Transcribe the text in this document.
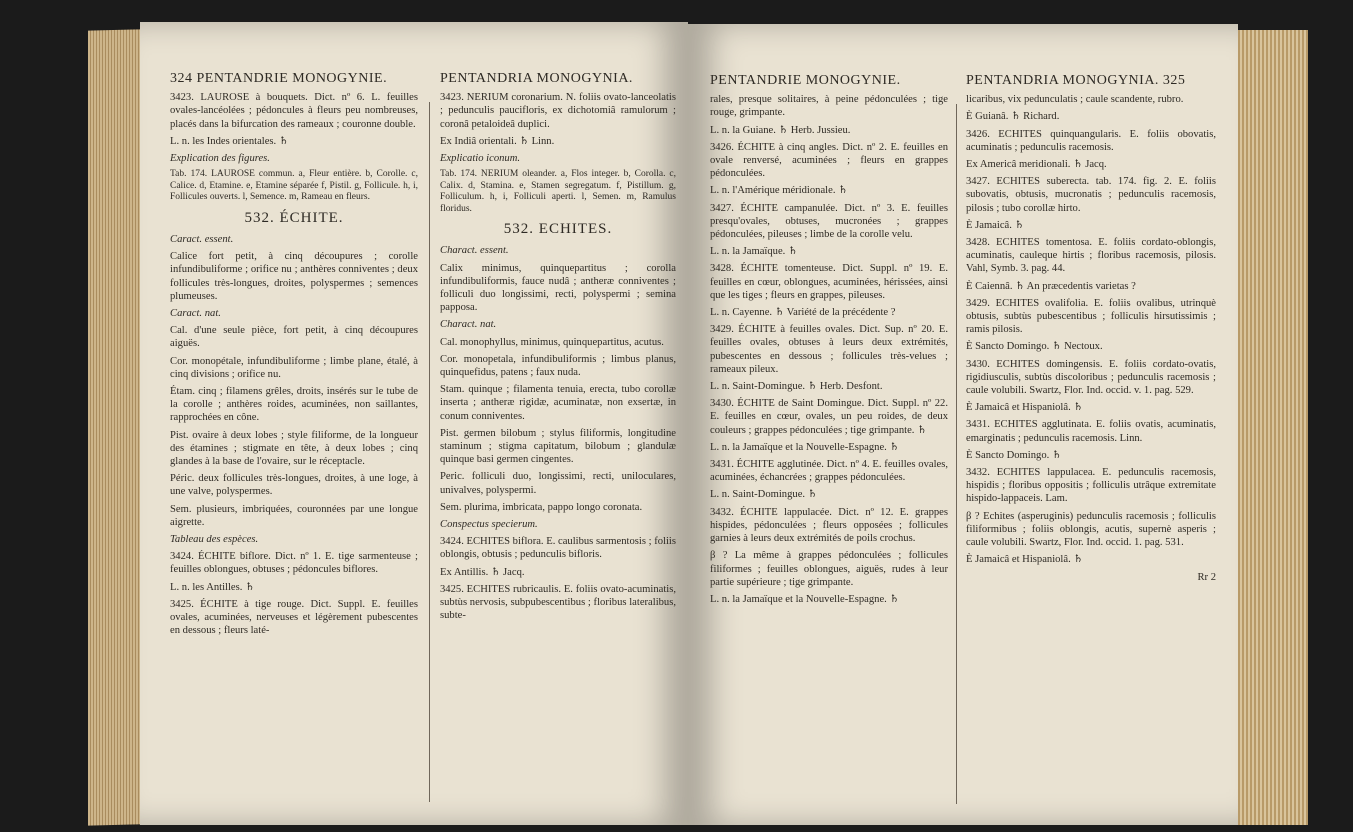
324 PENTANDRIE MONOGYNIE.

3423. LAUROSE à bouquets. Dict. nº 6. L. feuilles ovales-lancéolées ; pédoncules à fleurs peu nombreuses, placés dans la bifurcation des rameaux ; couronne double.

L. n. les Indes orientales. ♄

Explication des figures.

Tab. 174. LAUROSE commun. a, Fleur entière. b, Corolle. c, Calice. d, Etamine. e, Etamine séparée f, Pistil. g, Follicule. h, i, Follicules ouverts. l, Semence. m, Rameau en fleurs.

532. ÉCHITE.

Caract. essent.

Calice fort petit, à cinq découpures ; corolle infundibuliforme ; orifice nu ; anthères conniventes ; deux follicules très-longues, droites, polyspermes ; semences plumeuses.

Caract. nat.

Cal. d'une seule pièce, fort petit, à cinq découpures aiguës.

Cor. monopétale, infundibuliforme ; limbe plane, étalé, à cinq divisions ; orifice nu.

Étam. cinq ; filamens grêles, droits, insérés sur le tube de la corolle ; anthères roides, acuminées, non saillantes, rapprochées en cône.

Pist. ovaire à deux lobes ; style filiforme, de la longueur des étamines ; stigmate en tête, à deux lobes ; cinq glandes à la base de l'ovaire, sur le réceptacle.

Péric. deux follicules très-longues, droites, à une loge, à une valve, polyspermes.

Sem. plusieurs, imbriquées, couronnées par une longue aigrette.

Tableau des espèces.

3424. ÉCHITE biflore. Dict. nº 1. E. tige sarmenteuse ; feuilles oblongues, obtuses ; pédoncules biflores.

L. n. les Antilles. ♄

3425. ÉCHITE à tige rouge. Dict. Suppl. E. feuilles ovales, acuminées, nerveuses et légèrement pubescentes en dessous ; fleurs laté-

PENTANDRIA MONOGYNIA.

3423. NERIUM coronarium. N. foliis ovato-lanceolatis ; pedunculis paucifloris, ex dichotomiâ ramulorum ; coronâ petaloideâ duplici.

Ex Indiâ orientali. ♄ Linn.

Explicatio iconum.

Tab. 174. NERIUM oleander. a, Flos integer. b, Corolla. c, Calix. d, Stamina. e, Stamen segregatum. f, Pistillum. g, Folliculum. h, i, Folliculi aperti. l, Semen. m, Ramulus floridus.

532. ECHITES.

Charact. essent.

Calix minimus, quinquepartitus ; corolla infundibuliformis, fauce nudâ ; antheræ conniventes ; folliculi duo longissimi, recti, polyspermi ; semina papposa.

Charact. nat.

Cal. monophyllus, minimus, quinquepartitus, acutus.

Cor. monopetala, infundibuliformis ; limbus planus, quinquefidus, patens ; faux nuda.

Stam. quinque ; filamenta tenuia, erecta, tubo corollæ inserta ; antheræ rigidæ, acuminatæ, non exsertæ, in conum conniventes.

Pist. germen bilobum ; stylus filiformis, longitudine staminum ; stigma capitatum, bilobum ; glandulæ quinque basi germen cingentes.

Peric. folliculi duo, longissimi, recti, uniloculares, univalves, polyspermi.

Sem. plurima, imbricata, pappo longo coronata.

Conspectus specierum.

3424. ECHITES biflora. E. caulibus sarmentosis ; foliis oblongis, obtusis ; pedunculis bifloris.

Ex Antillis. ♄ Jacq.

3425. ECHITES rubricaulis. E. foliis ovato-acuminatis, subtùs nervosis, subpubescentibus ; floribus lateralibus, subte-

PENTANDRIE MONOGYNIE.

rales, presque solitaires, à peine pédonculées ; tige rouge, grimpante.

L. n. la Guiane. ♄ Herb. Jussieu.

3426. ÉCHITE à cinq angles. Dict. nº 2. E. feuilles en ovale renversé, acuminées ; fleurs en grappes pédonculées.

L. n. l'Amérique méridionale. ♄

3427. ÉCHITE campanulée. Dict. nº 3. E. feuilles presqu'ovales, obtuses, mucronées ; grappes pédonculées, pileuses ; limbe de la corolle velu.

L. n. la Jamaïque. ♄

3428. ÉCHITE tomenteuse. Dict. Suppl. nº 19. E. feuilles en cœur, oblongues, acuminées, hérissées, ainsi que les tiges ; fleurs en grappes, pileuses.

L. n. Cayenne. ♄ Variété de la précédente ?

3429. ÉCHITE à feuilles ovales. Dict. Sup. nº 20. E. feuilles ovales, obtuses à leurs deux extrémités, pubescentes en dessous ; follicules très-velues ; rameaux pileux.

L. n. Saint-Domingue. ♄ Herb. Desfont.

3430. ÉCHITE de Saint Domingue. Dict. Suppl. nº 22. E. feuilles en cœur, ovales, un peu roides, de deux couleurs ; grappes pédonculées ; tige grimpante. ♄

L. n. la Jamaïque et la Nouvelle-Espagne. ♄

3431. ÉCHITE agglutinée. Dict. nº 4. E. feuilles ovales, acuminées, échancrées ; grappes pédonculées.

L. n. Saint-Domingue. ♄

3432. ÉCHITE lappulacée. Dict. nº 12. E. grappes hispides, pédonculées ; fleurs opposées ; follicules garnies à leurs deux extrémités de poils crochus.

β ? La même à grappes pédonculées ; follicules filiformes ; feuilles oblongues, aiguës, rudes à leur partie supérieure ; tige grimpante.

L. n. la Jamaïque et la Nouvelle-Espagne. ♄

PENTANDRIA MONOGYNIA. 325

licaribus, vix pedunculatis ; caule scandente, rubro.

È Guianâ. ♄ Richard.

3426. ECHITES quinquangularis. E. foliis obovatis, acuminatis ; pedunculis racemosis.

Ex Americâ meridionali. ♄ Jacq.

3427. ECHITES suberecta. tab. 174. fig. 2. E. foliis subovatis, obtusis, mucronatis ; pedunculis racemosis, pilosis ; tubo corollæ hirto.

È Jamaicâ. ♄

3428. ECHITES tomentosa. E. foliis cordato-oblongis, acuminatis, cauleque hirtis ; floribus racemosis, pilosis. Vahl, Symb. 3. pag. 44.

È Caiennâ. ♄ An præcedentis varietas ?

3429. ECHITES ovalifolia. E. foliis ovalibus, utrinquè obtusis, subtùs pubescentibus ; folliculis hirsutissimis ; ramis pilosis.

È Sancto Domingo. ♄ Nectoux.

3430. ECHITES domingensis. E. foliis cordato-ovatis, rigidiusculis, subtùs discoloribus ; pedunculis racemosis ; caule volubili. Swartz, Flor. Ind. occid. v. 1. pag. 529.

È Jamaicâ et Hispaniolâ. ♄

3431. ECHITES agglutinata. E. foliis ovatis, acuminatis, emarginatis ; pedunculis racemosis. Linn.

È Sancto Domingo. ♄

3432. ECHITES lappulacea. E. pedunculis racemosis, hispidis ; floribus oppositis ; folliculis utrâque extremitate hispido-lappaceis. Lam.

β ? Echites (asperuginis) pedunculis racemosis ; folliculis filiformibus ; foliis oblongis, acutis, supernè asperis ; caule volubili. Swartz, Flor. Ind. occid. 1. pag. 531.

È Jamaicâ et Hispaniolâ. ♄

Rr 2
